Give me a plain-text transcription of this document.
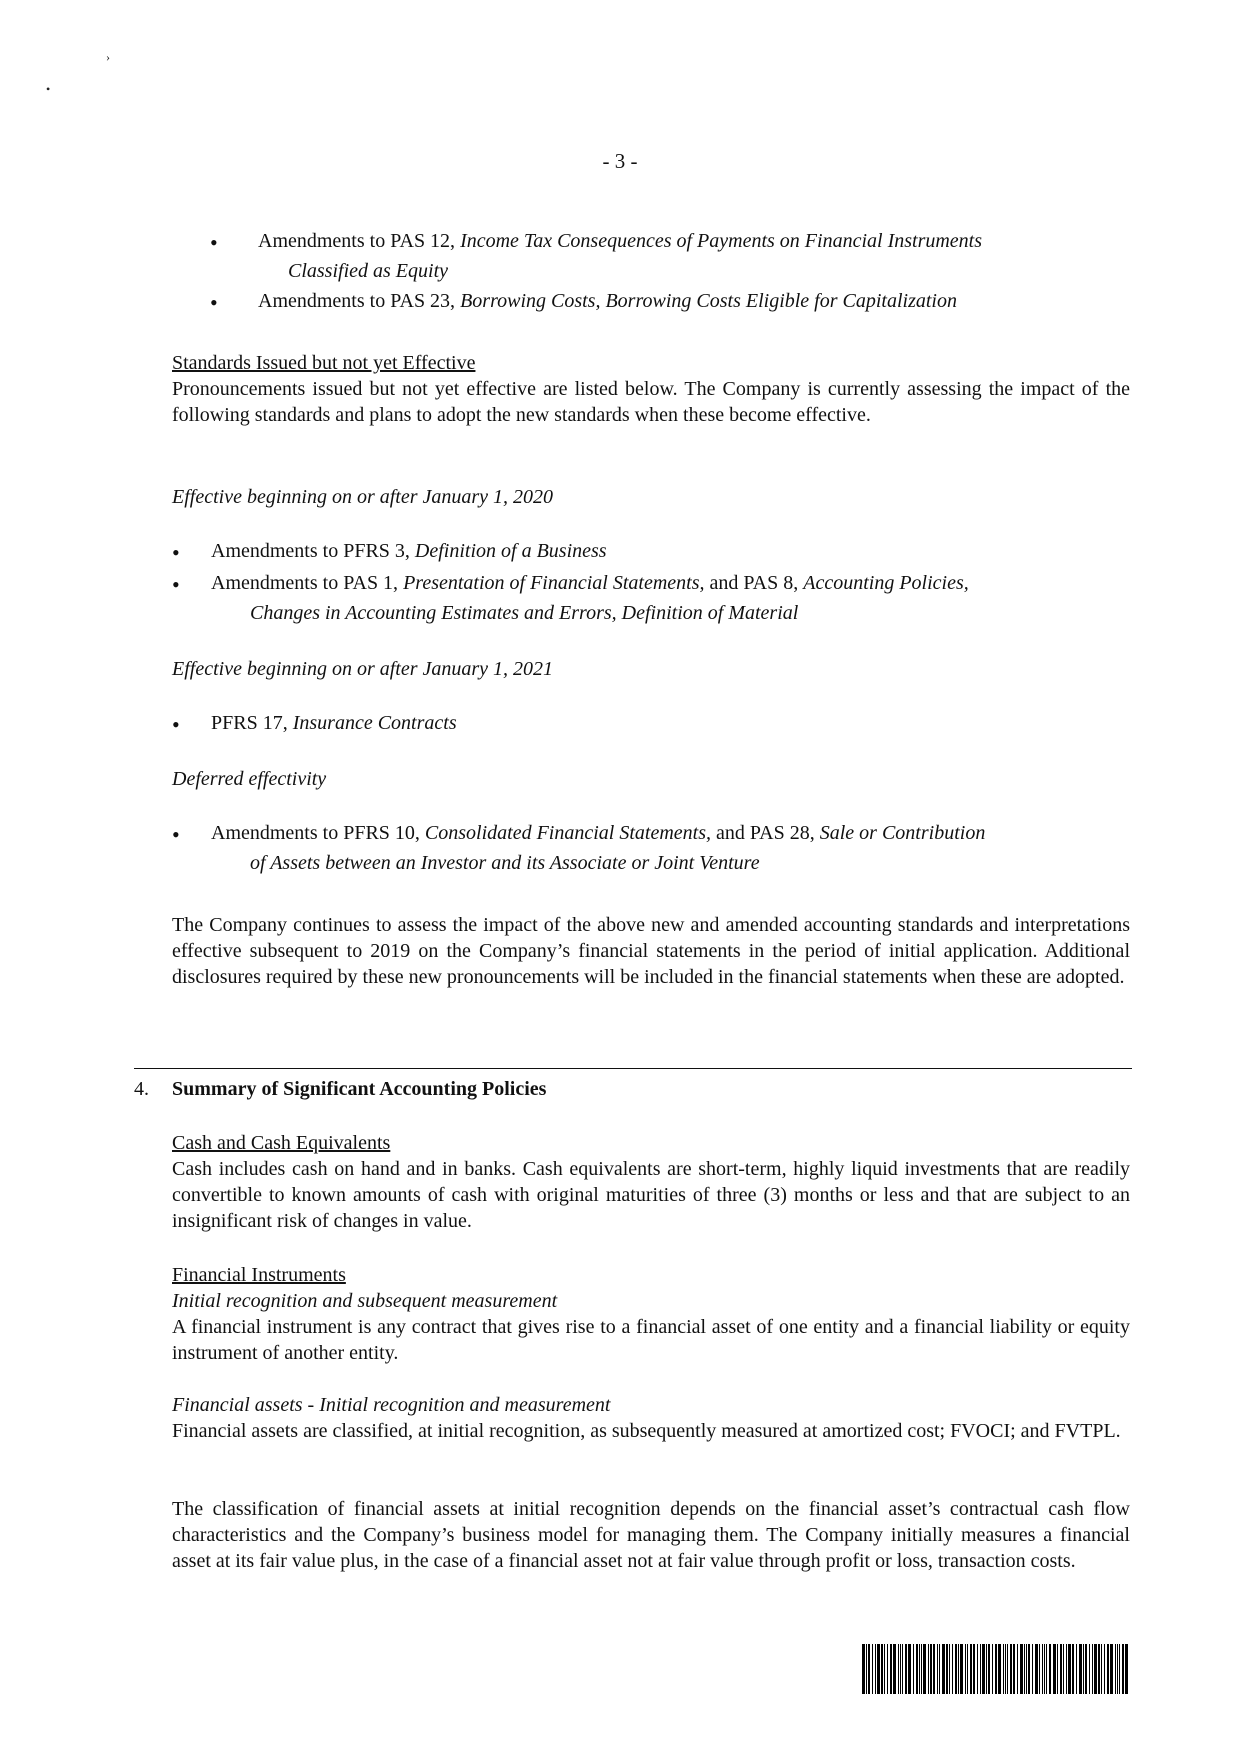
›
•
- 3 -
• Amendments to PAS 12, Income Tax Consequences of Payments on Financial Instruments
Classified as Equity
• Amendments to PAS 23, Borrowing Costs, Borrowing Costs Eligible for Capitalization
Standards Issued but not yet Effective
Pronouncements issued but not yet effective are listed below. The Company is currently assessing the impact of the following standards and plans to adopt the new standards when these become effective.
Effective beginning on or after January 1, 2020
• Amendments to PFRS 3, Definition of a Business
• Amendments to PAS 1, Presentation of Financial Statements, and PAS 8, Accounting Policies,
Changes in Accounting Estimates and Errors, Definition of Material
Effective beginning on or after January 1, 2021
• PFRS 17, Insurance Contracts
Deferred effectivity
• Amendments to PFRS 10, Consolidated Financial Statements, and PAS 28, Sale or Contribution
of Assets between an Investor and its Associate or Joint Venture
The Company continues to assess the impact of the above new and amended accounting standards and interpretations effective subsequent to 2019 on the Company’s financial statements in the period of initial application. Additional disclosures required by these new pronouncements will be included in the financial statements when these are adopted.
4. Summary of Significant Accounting Policies
Cash and Cash Equivalents
Cash includes cash on hand and in banks. Cash equivalents are short-term, highly liquid investments that are readily convertible to known amounts of cash with original maturities of three (3) months or less and that are subject to an insignificant risk of changes in value.
Financial Instruments
Initial recognition and subsequent measurement
A financial instrument is any contract that gives rise to a financial asset of one entity and a financial liability or equity instrument of another entity.
Financial assets - Initial recognition and measurement
Financial assets are classified, at initial recognition, as subsequently measured at amortized cost; FVOCI; and FVTPL.
The classification of financial assets at initial recognition depends on the financial asset’s contractual cash flow characteristics and the Company’s business model for managing them. The Company initially measures a financial asset at its fair value plus, in the case of a financial asset not at fair value through profit or loss, transaction costs.
